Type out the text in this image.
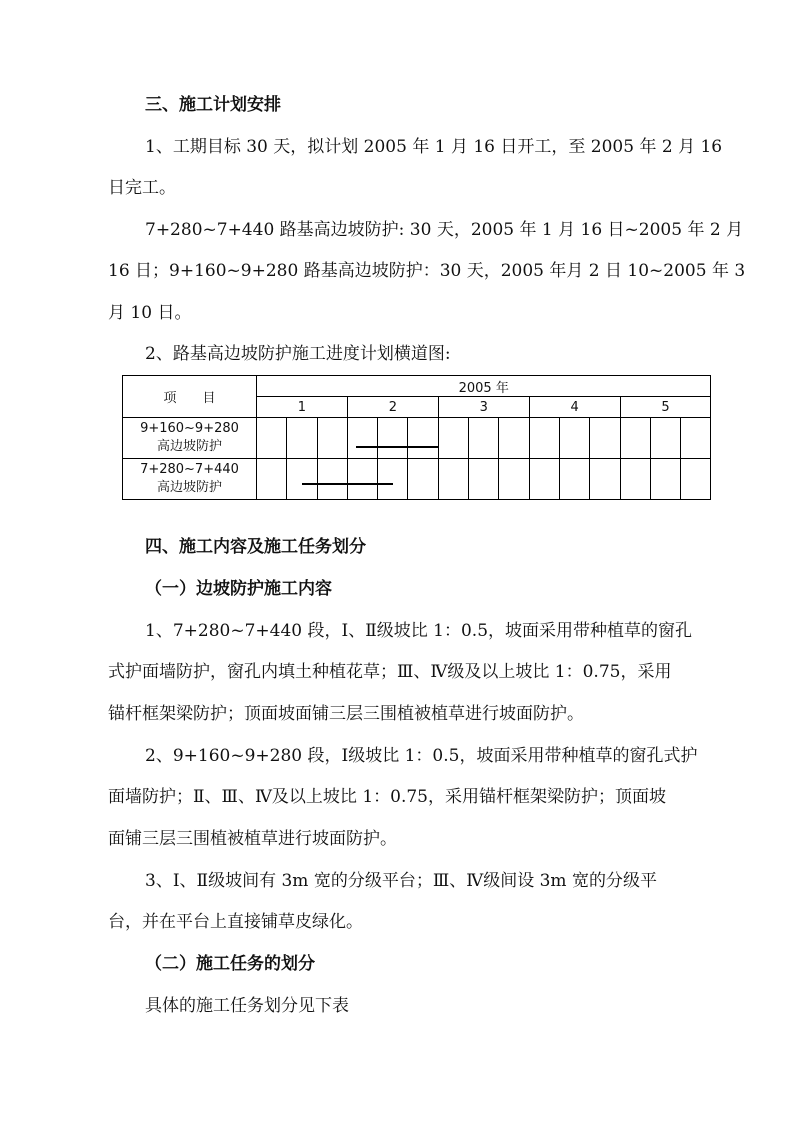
三、施工计划安排
1、工期目标 30 天，拟计划 2005 年 1 月 16 日开工，至 2005 年 2 月 16
日完工。
7+280~7+440 路基高边坡防护: 30 天，2005 年 1 月 16 日~2005 年 2 月
16 日；9+160~9+280 路基高边坡防护：30 天，2005 年月 2 日 10~2005 年 3
月 10 日。
2、路基高边坡防护施工进度计划横道图:
项　　目	2005 年														
	1			2			3			4			5		
9+160~9+280
高边坡防护															
7+280~7+440
高边坡防护															
四、施工内容及施工任务划分
（一）边坡防护施工内容
1、7+280~7+440 段，Ⅰ、Ⅱ级坡比 1：0.5，坡面采用带种植草的窗孔
式护面墙防护，窗孔内填土种植花草；Ⅲ、Ⅳ级及以上坡比 1：0.75，采用
锚杆框架梁防护；顶面坡面铺三层三围植被植草进行坡面防护。
2、9+160~9+280 段，Ⅰ级坡比 1：0.5，坡面采用带种植草的窗孔式护
面墙防护；Ⅱ、Ⅲ、Ⅳ及以上坡比 1：0.75，采用锚杆框架梁防护；顶面坡
面铺三层三围植被植草进行坡面防护。
3、Ⅰ、Ⅱ级坡间有 3m 宽的分级平台；Ⅲ、Ⅳ级间设 3m 宽的分级平
台，并在平台上直接铺草皮绿化。
（二）施工任务的划分
具体的施工任务划分见下表
